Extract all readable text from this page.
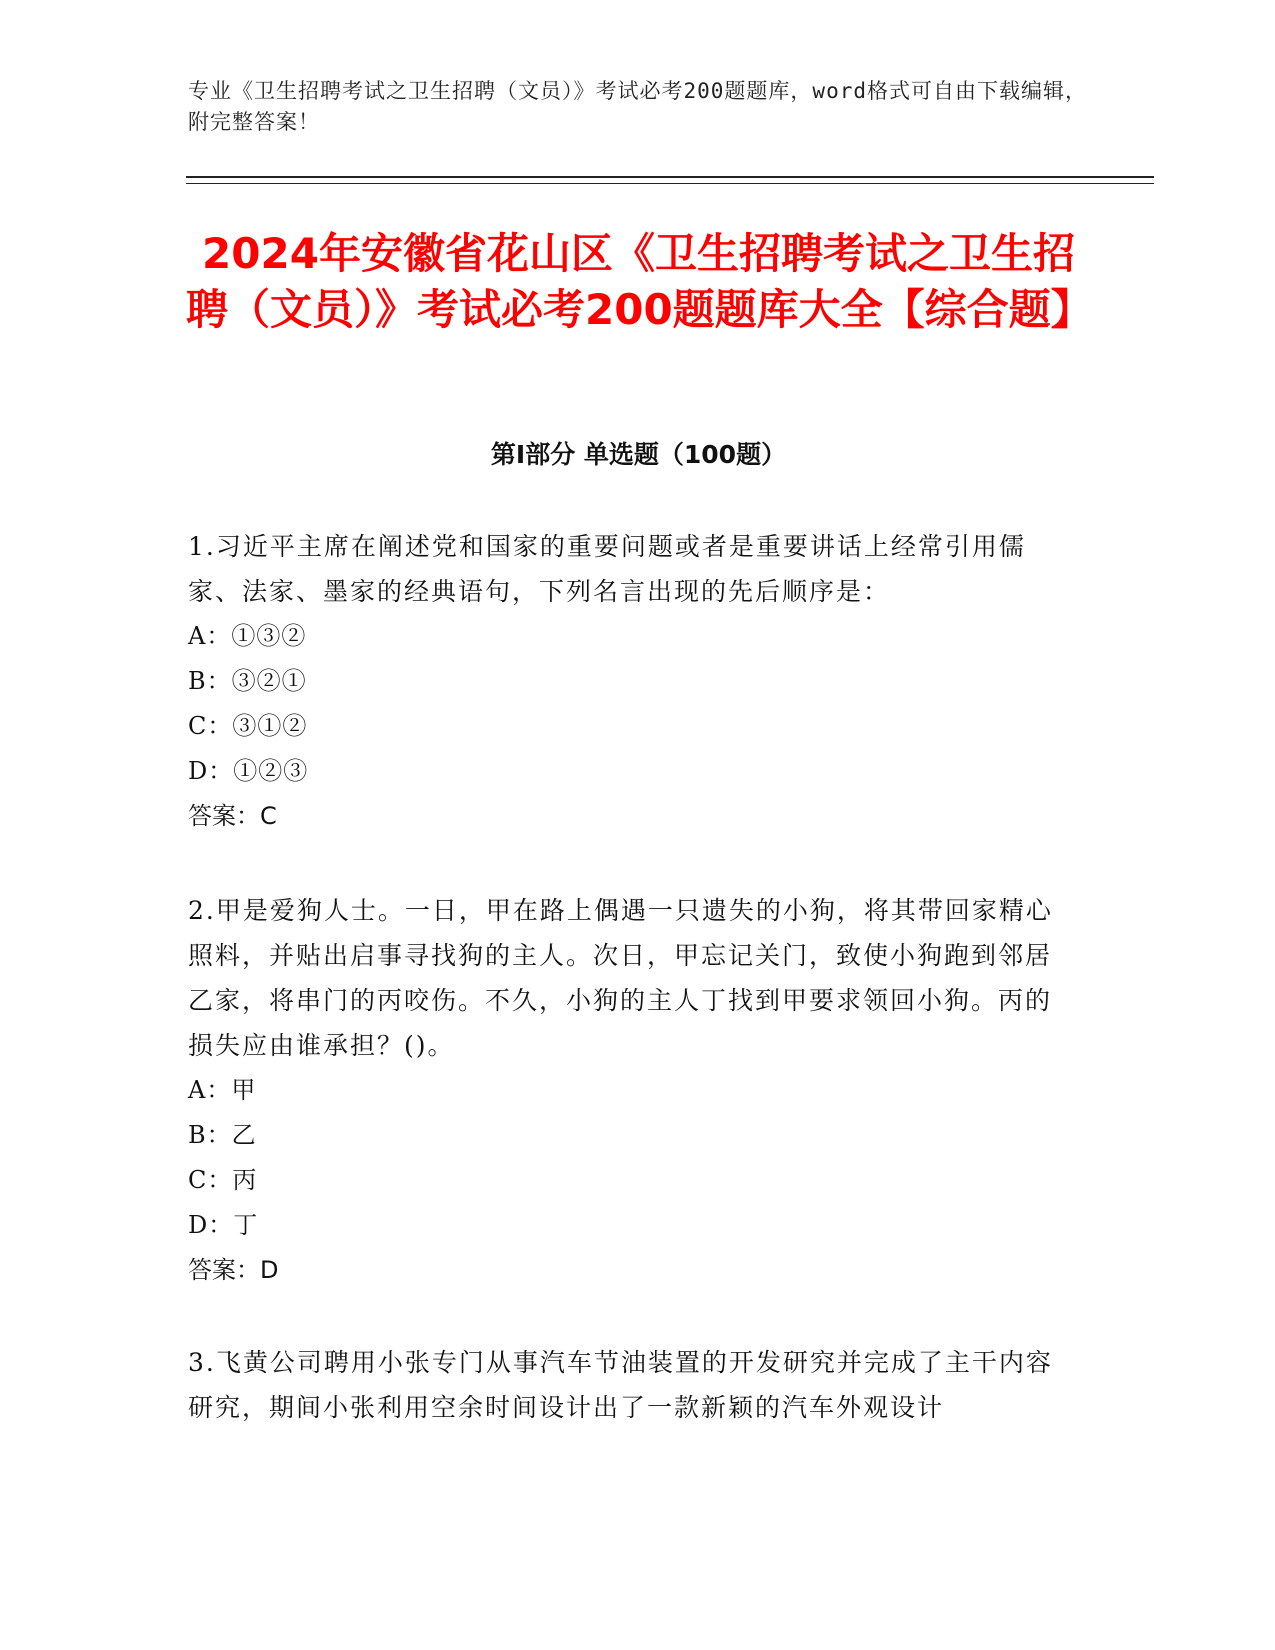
专业《卫生招聘考试之卫生招聘（文员）》考试必考200题题库，word格式可自由下载编辑，附完整答案！
2024年安徽省花山区《卫生招聘考试之卫生招聘（文员）》考试必考200题题库大全【综合题】
第Ⅰ部分 单选题（100题）

1.习近平主席在阐述党和国家的重要问题或者是重要讲话上经常引用儒家、法家、墨家的经典语句，下列名言出现的先后顺序是：

A：①③②

B：③②①

C：③①②

D：①②③

答案：C

2.甲是爱狗人士。一日，甲在路上偶遇一只遗失的小狗，将其带回家精心照料，并贴出启事寻找狗的主人。次日，甲忘记关门，致使小狗跑到邻居乙家，将串门的丙咬伤。不久，小狗的主人丁找到甲要求领回小狗。丙的损失应由谁承担？()。

A：甲

B：乙

C：丙

D：丁

答案：D

3.飞黄公司聘用小张专门从事汽车节油装置的开发研究并完成了主干内容研究，期间小张利用空余时间设计出了一款新颖的汽车外观设计
